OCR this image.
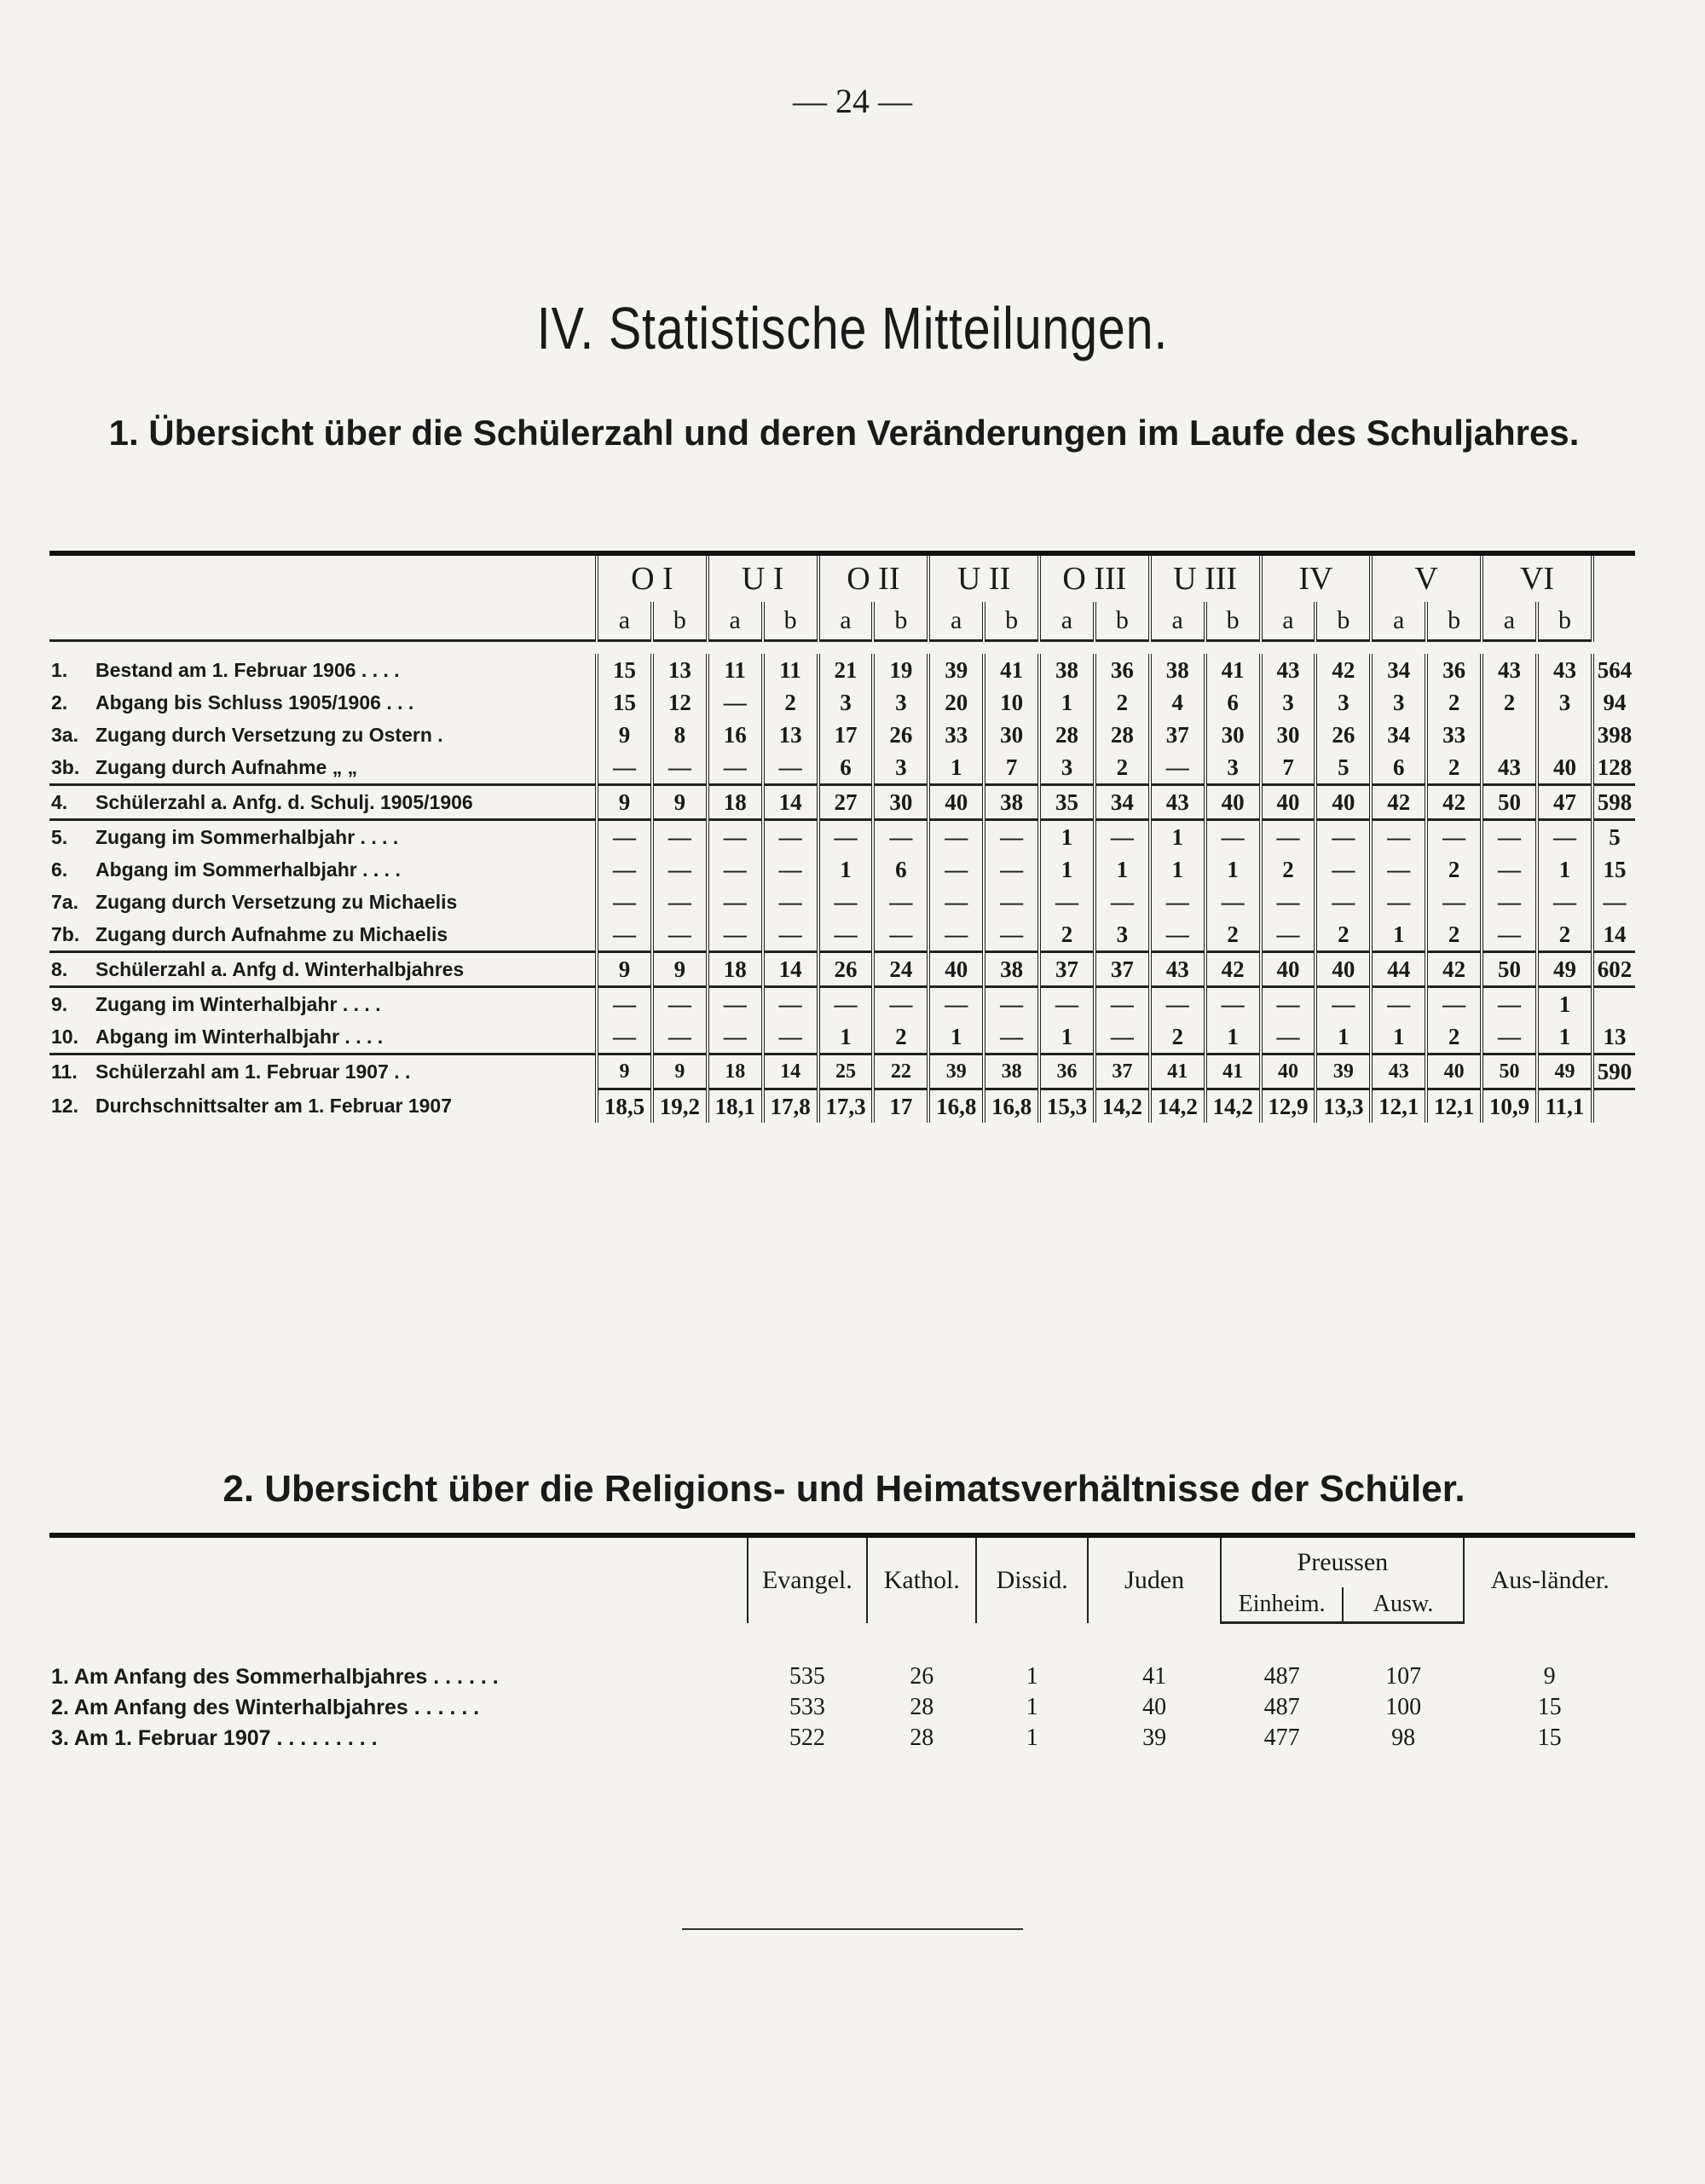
— 24 —
IV. Statistische Mitteilungen.
1. Übersicht über die Schülerzahl und deren Veränderungen im Laufe des Schuljahres.
		O I		U I		O II		U II		O III		U III		IV		V		VI		
		a	b	a	b	a	b	a	b	a	b	a	b	a	b	a	b	a	b	

1.	Bestand am 1. Februar 1906 . . . .	15	13	11	11	21	19	39	41	38	36	38	41	43	42	34	36	43	43	564
2.	Abgang bis Schluss 1905/1906 . . .	15	12	—	2	3	3	20	10	1	2	4	6	3	3	3	2	2	3	94
3a.	Zugang durch Versetzung zu Ostern .	9	8	16	13	17	26	33	30	28	28	37	30	30	26	34	33			398
3b.	Zugang durch Aufnahme „ „	—	—	—	—	6	3	1	7	3	2	—	3	7	5	6	2	43	40	128
4.	Schülerzahl a. Anfg. d. Schulj. 1905/1906	9	9	18	14	27	30	40	38	35	34	43	40	40	40	42	42	50	47	598
5.	Zugang im Sommerhalbjahr . . . .	—	—	—	—	—	—	—	—	1	—	1	—	—	—	—	—	—	—	5
6.	Abgang im Sommerhalbjahr . . . .	—	—	—	—	1	6	—	—	1	1	1	1	2	—	—	2	—	1	15
7a.	Zugang durch Versetzung zu Michaelis	—	—	—	—	—	—	—	—	—	—	—	—	—	—	—	—	—	—	—
7b.	Zugang durch Aufnahme zu Michaelis	—	—	—	—	—	—	—	—	2	3	—	2	—	2	1	2	—	2	14
8.	Schülerzahl a. Anfg d. Winterhalbjahres	9	9	18	14	26	24	40	38	37	37	43	42	40	40	44	42	50	49	602
9.	Zugang im Winterhalbjahr . . . .	—	—	—	—	—	—	—	—	—	—	—	—	—	—	—	—	—	1	
10.	Abgang im Winterhalbjahr . . . .	—	—	—	—	1	2	1	—	1	—	2	1	—	1	1	2	—	1	13
11.	Schülerzahl am 1. Februar 1907 . .	9	9	18	14	25	22	39	38	36	37	41	41	40	39	43	40	50	49	590
12.	Durchschnittsalter am 1. Februar 1907	18,5	19,2	18,1	17,8	17,3	17	16,8	16,8	15,3	14,2	14,2	14,2	12,9	13,3	12,1	12,1	10,9	11,1	
2. Ubersicht über die Religions- und Heimatsverhältnisse der Schüler.
	Evangel.	Kathol.	Dissid.	Juden	Preussen		Aus-länder.
					Einheim.	Ausw.	

1. Am Anfang des Sommerhalbjahres . . . . . .	535	26	1	41	487	107	9
2. Am Anfang des Winterhalbjahres . . . . . .	533	28	1	40	487	100	15
3. Am 1. Februar 1907 . . . . . . . . .	522	28	1	39	477	98	15
